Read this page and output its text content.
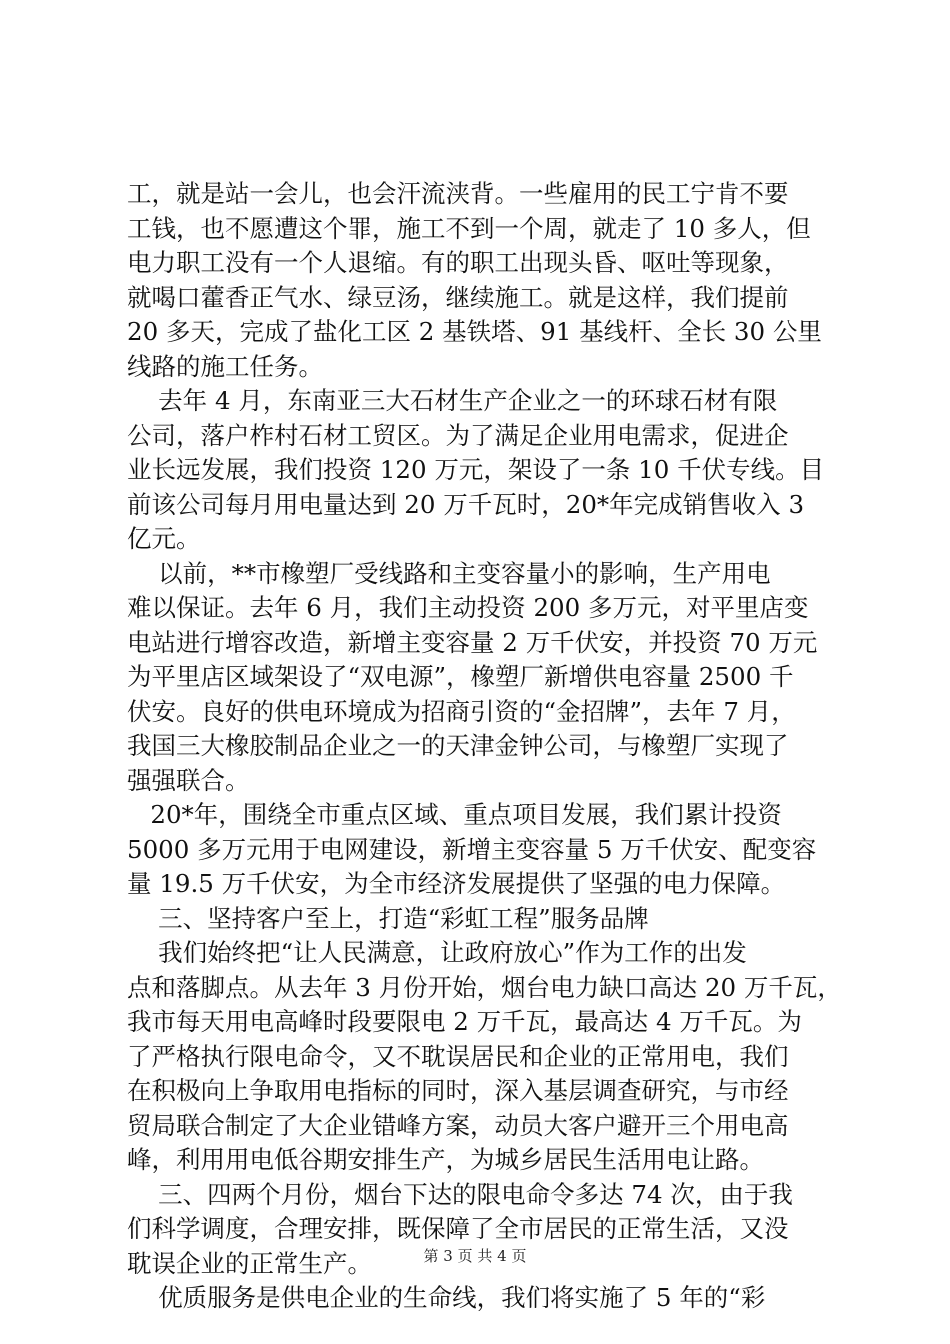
工，就是站一会儿，也会汗流浃背。一些雇用的民工宁肯不要
工钱，也不愿遭这个罪，施工不到一个周，就走了 10 多人，但
电力职工没有一个人退缩。有的职工出现头昏、呕吐等现象，
就喝口藿香正气水、绿豆汤，继续施工。就是这样，我们提前
20 多天，完成了盐化工区 2 基铁塔、91 基线杆、全长 30 公里
线路的施工任务。
去年 4 月，东南亚三大石材生产企业之一的环球石材有限
公司，落户柞村石材工贸区。为了满足企业用电需求，促进企
业长远发展，我们投资 120 万元，架设了一条 10 千伏专线。目
前该公司每月用电量达到 20 万千瓦时，20*年完成销售收入 3
亿元。
以前，**市橡塑厂受线路和主变容量小的影响，生产用电
难以保证。去年 6 月，我们主动投资 200 多万元，对平里店变
电站进行增容改造，新增主变容量 2 万千伏安，并投资 70 万元
为平里店区域架设了“双电源”，橡塑厂新增供电容量 2500 千
伏安。良好的供电环境成为招商引资的“金招牌”，去年 7 月，
我国三大橡胶制品企业之一的天津金钟公司，与橡塑厂实现了
强强联合。
20*年，围绕全市重点区域、重点项目发展，我们累计投资
5000 多万元用于电网建设，新增主变容量 5 万千伏安、配变容
量 19.5 万千伏安，为全市经济发展提供了坚强的电力保障。
三、坚持客户至上，打造“彩虹工程”服务品牌
我们始终把“让人民满意，让政府放心”作为工作的出发
点和落脚点。从去年 3 月份开始，烟台电力缺口高达 20 万千瓦，
我市每天用电高峰时段要限电 2 万千瓦，最高达 4 万千瓦。为
了严格执行限电命令，又不耽误居民和企业的正常用电，我们
在积极向上争取用电指标的同时，深入基层调查研究，与市经
贸局联合制定了大企业错峰方案，动员大客户避开三个用电高
峰，利用用电低谷期安排生产，为城乡居民生活用电让路。
三、四两个月份，烟台下达的限电命令多达 74 次，由于我
们科学调度，合理安排，既保障了全市居民的正常生活，又没
耽误企业的正常生产。
优质服务是供电企业的生命线，我们将实施了 5 年的“彩
第 3 页 共 4 页
